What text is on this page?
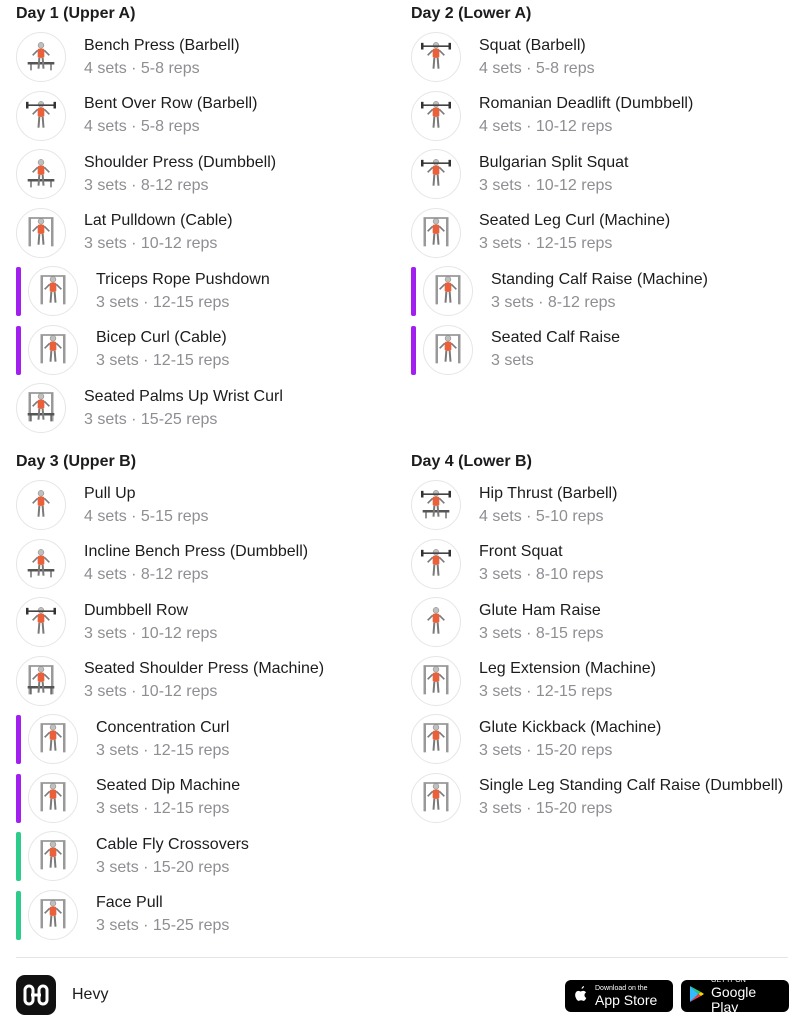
Day 1 (Upper A)
Bench Press (Barbell)
4 sets · 5-8 reps
Bent Over Row (Barbell)
4 sets · 5-8 reps
Shoulder Press (Dumbbell)
3 sets · 8-12 reps
Lat Pulldown (Cable)
3 sets · 10-12 reps
Triceps Rope Pushdown
3 sets · 12-15 reps
Bicep Curl (Cable)
3 sets · 12-15 reps
Seated Palms Up Wrist Curl
3 sets · 15-25 reps
Day 2 (Lower A)
Squat (Barbell)
4 sets · 5-8 reps
Romanian Deadlift (Dumbbell)
4 sets · 10-12 reps
Bulgarian Split Squat
3 sets · 10-12 reps
Seated Leg Curl (Machine)
3 sets · 12-15 reps
Standing Calf Raise (Machine)
3 sets · 8-12 reps
Seated Calf Raise
3 sets
Day 3 (Upper B)
Pull Up
4 sets · 5-15 reps
Incline Bench Press (Dumbbell)
4 sets · 8-12 reps
Dumbbell Row
3 sets · 10-12 reps
Seated Shoulder Press (Machine)
3 sets · 10-12 reps
Concentration Curl
3 sets · 12-15 reps
Seated Dip Machine
3 sets · 12-15 reps
Cable Fly Crossovers
3 sets · 15-20 reps
Face Pull
3 sets · 15-25 reps
Day 4 (Lower B)
Hip Thrust (Barbell)
4 sets · 5-10 reps
Front Squat
3 sets · 8-10 reps
Glute Ham Raise
3 sets · 8-15 reps
Leg Extension (Machine)
3 sets · 12-15 reps
Glute Kickback (Machine)
3 sets · 15-20 reps
Single Leg Standing Calf Raise (Dumbbell)
3 sets · 15-20 reps
Hevy	Download on the
App Store
GET IT ON
Google Play
